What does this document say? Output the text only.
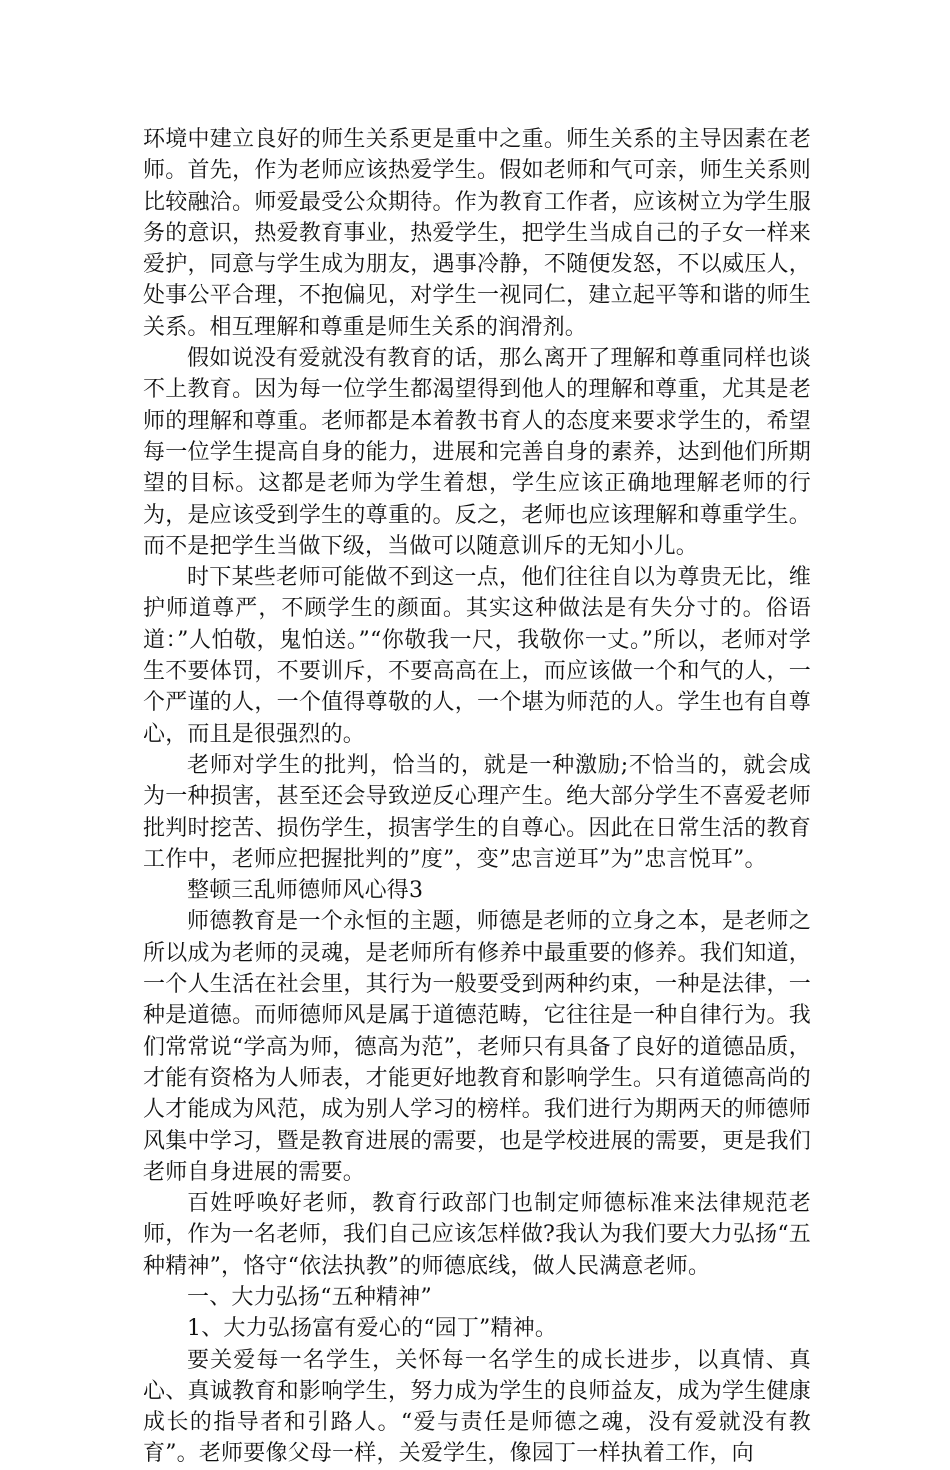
环境中建立良好的师生关系更是重中之重。师生关系的主导因素在老师。首先，作为老师应该热爱学生。假如老师和气可亲，师生关系则比较融洽。师爱最受公众期待。作为教育工作者，应该树立为学生服务的意识，热爱教育事业，热爱学生，把学生当成自己的子女一样来爱护，同意与学生成为朋友，遇事冷静，不随便发怒，不以威压人，处事公平合理，不抱偏见，对学生一视同仁，建立起平等和谐的师生关系。相互理解和尊重是师生关系的润滑剂。

假如说没有爱就没有教育的话，那么离开了理解和尊重同样也谈不上教育。因为每一位学生都渴望得到他人的理解和尊重，尤其是老师的理解和尊重。老师都是本着教书育人的态度来要求学生的，希望每一位学生提高自身的能力，进展和完善自身的素养，达到他们所期望的目标。这都是老师为学生着想，学生应该正确地理解老师的行为，是应该受到学生的尊重的。反之，老师也应该理解和尊重学生。而不是把学生当做下级，当做可以随意训斥的无知小儿。

时下某些老师可能做不到这一点，他们往往自以为尊贵无比，维护师道尊严，不顾学生的颜面。其实这种做法是有失分寸的。俗语道：”人怕敬，鬼怕送。”“你敬我一尺，我敬你一丈。”所以，老师对学生不要体罚，不要训斥，不要高高在上，而应该做一个和气的人，一个严谨的人，一个值得尊敬的人，一个堪为师范的人。学生也有自尊心，而且是很强烈的。

老师对学生的批判，恰当的，就是一种激励;不恰当的，就会成为一种损害，甚至还会导致逆反心理产生。绝大部分学生不喜爱老师批判时挖苦、损伤学生，损害学生的自尊心。因此在日常生活的教育工作中，老师应把握批判的”度”，变”忠言逆耳”为”忠言悦耳”。

整顿三乱师德师风心得3

师德教育是一个永恒的主题，师德是老师的立身之本，是老师之所以成为老师的灵魂，是老师所有修养中最重要的修养。我们知道，一个人生活在社会里，其行为一般要受到两种约束，一种是法律，一种是道德。而师德师风是属于道德范畴，它往往是一种自律行为。我们常常说“学高为师，德高为范”，老师只有具备了良好的道德品质，才能有资格为人师表，才能更好地教育和影响学生。只有道德高尚的人才能成为风范，成为别人学习的榜样。我们进行为期两天的师德师风集中学习，暨是教育进展的需要，也是学校进展的需要，更是我们老师自身进展的需要。

百姓呼唤好老师，教育行政部门也制定师德标准来法律规范老师，作为一名老师，我们自己应该怎样做?我认为我们要大力弘扬“五种精神”，恪守“依法执教”的师德底线，做人民满意老师。

一、大力弘扬“五种精神”

1、大力弘扬富有爱心的“园丁”精神。

要关爱每一名学生，关怀每一名学生的成长进步，以真情、真心、真诚教育和影响学生，努力成为学生的良师益友，成为学生健康成长的指导者和引路人。“爱与责任是师德之魂，没有爱就没有教育”。老师要像父母一样，关爱学生，像园丁一样执着工作，向
